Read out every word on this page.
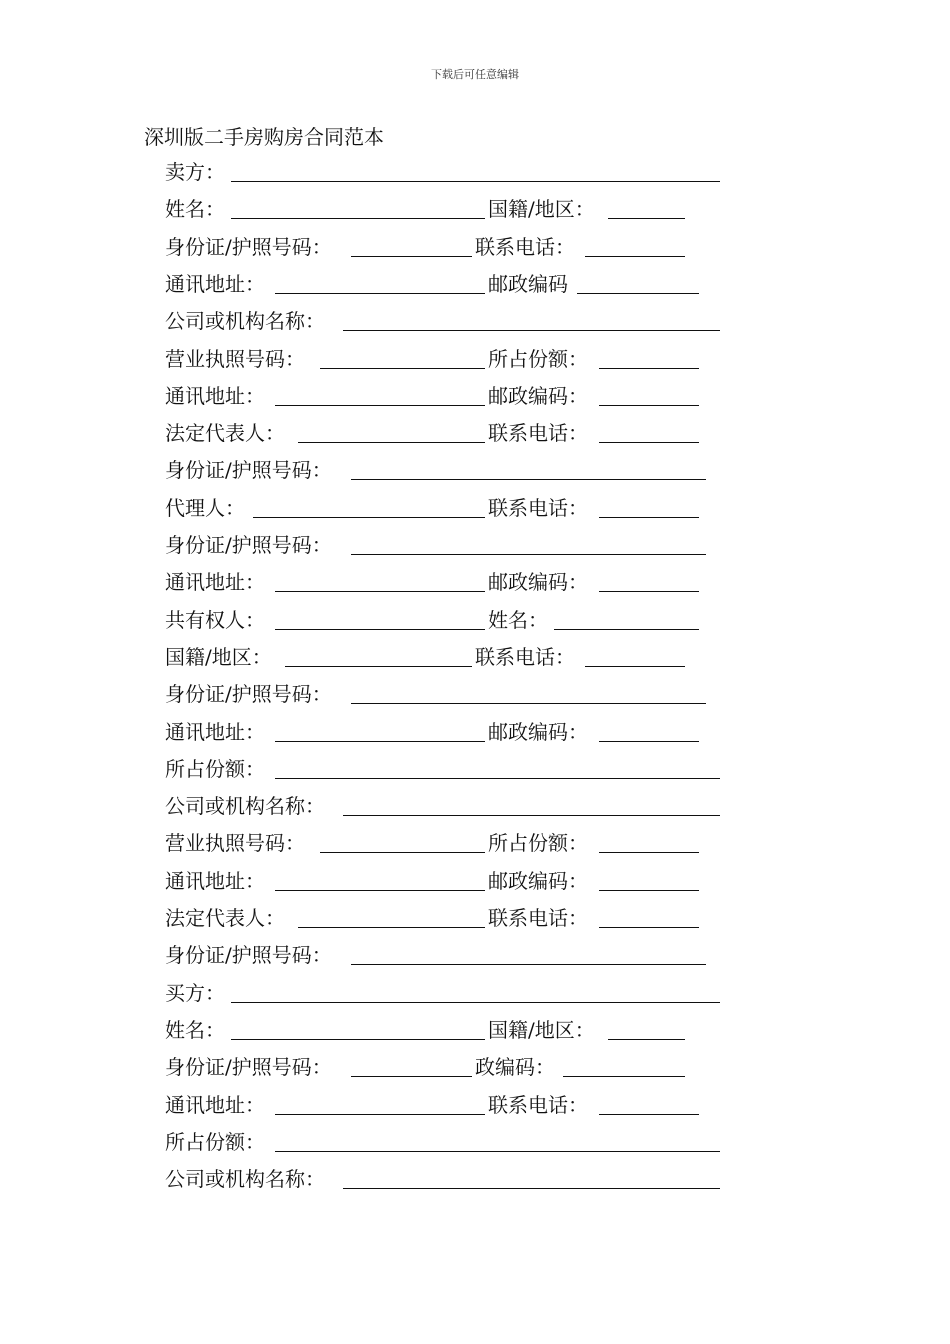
下载后可任意编辑
深圳版二手房购房合同范本
卖方：
姓名：	国籍/地区：
身份证/护照号码：	联系电话：
通讯地址：	邮政编码
公司或机构名称：
营业执照号码：	所占份额：
通讯地址：	邮政编码：
法定代表人：	联系电话：
身份证/护照号码：
代理人：	联系电话：
身份证/护照号码：
通讯地址：	邮政编码：
共有权人：	姓名：
国籍/地区：	联系电话：
身份证/护照号码：
通讯地址：	邮政编码：
所占份额：
公司或机构名称：
营业执照号码：	所占份额：
通讯地址：	邮政编码：
法定代表人：	联系电话：
身份证/护照号码：
买方：
姓名：	国籍/地区：
身份证/护照号码：	政编码：
通讯地址：	联系电话：
所占份额：
公司或机构名称：
